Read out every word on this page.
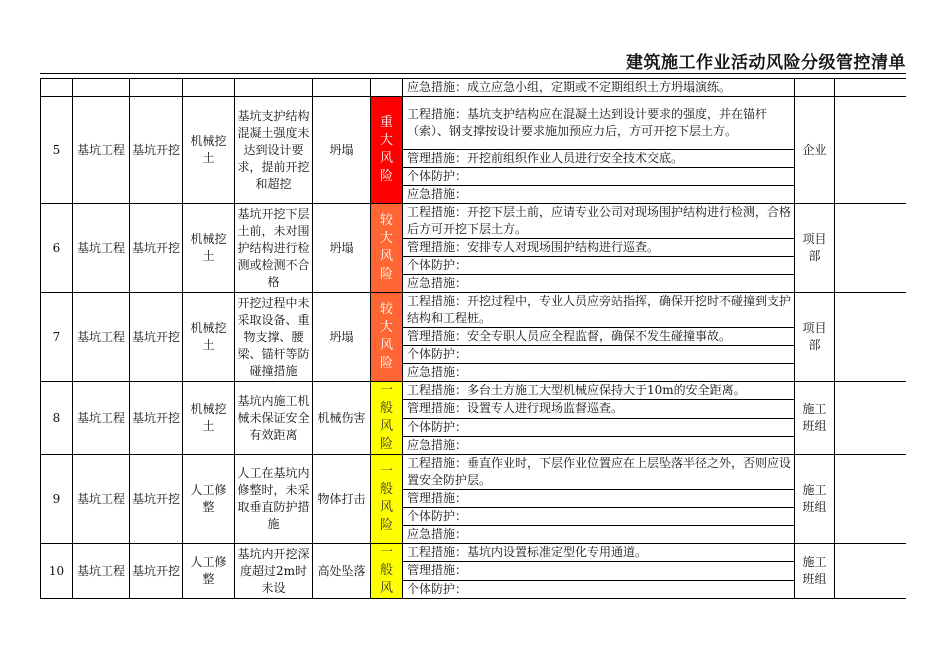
建筑施工作业活动风险分级管控清单
							应急措施：成立应急小组，定期或不定期组织土方坍塌演练。		
5	基坑工程	基坑开挖	机械挖土	基坑支护结构混凝土强度未达到设计要求，提前开挖和超挖	坍塌	重大风险	工程措施：基坑支护结构应在混凝土达到设计要求的强度，并在锚杆（索）、钢支撑按设计要求施加预应力后，方可开挖下层土方。	企业	
							管理措施：开挖前组织作业人员进行安全技术交底。		
							个体防护：		
							应急措施：		
6	基坑工程	基坑开挖	机械挖土	基坑开挖下层土前，未对围护结构进行检测或检测不合格	坍塌	较大风险	工程措施：开挖下层土前，应请专业公司对现场围护结构进行检测，合格后方可开挖下层土方。	项目部	
							管理措施：安排专人对现场围护结构进行巡查。		
							个体防护：		
							应急措施：		
7	基坑工程	基坑开挖	机械挖土	开挖过程中未采取设备、重物支撑、腰梁、锚杆等防碰撞措施	坍塌	较大风险	工程措施：开挖过程中，专业人员应旁站指挥，确保开挖时不碰撞到支护结构和工程桩。	项目部	
							管理措施：安全专职人员应全程监督，确保不发生碰撞事故。		
							个体防护：		
							应急措施：		
8	基坑工程	基坑开挖	机械挖土	基坑内施工机械未保证安全有效距离	机械伤害	一般风险	工程措施：多台土方施工大型机械应保持大于10m的安全距离。	施工班组	
							管理措施：设置专人进行现场监督巡查。		
							个体防护：		
							应急措施：		
9	基坑工程	基坑开挖	人工修整	人工在基坑内修整时，未采取垂直防护措施	物体打击	一般风险	工程措施：垂直作业时，下层作业位置应在上层坠落半径之外，否则应设置安全防护层。	施工班组	
							管理措施：		
							个体防护：		
							应急措施：		
10	基坑工程	基坑开挖	人工修整	基坑内开挖深度超过2m时未设	高处坠落	一般风	工程措施：基坑内设置标准定型化专用通道。	施工班组	
							管理措施：		
							个体防护：		
